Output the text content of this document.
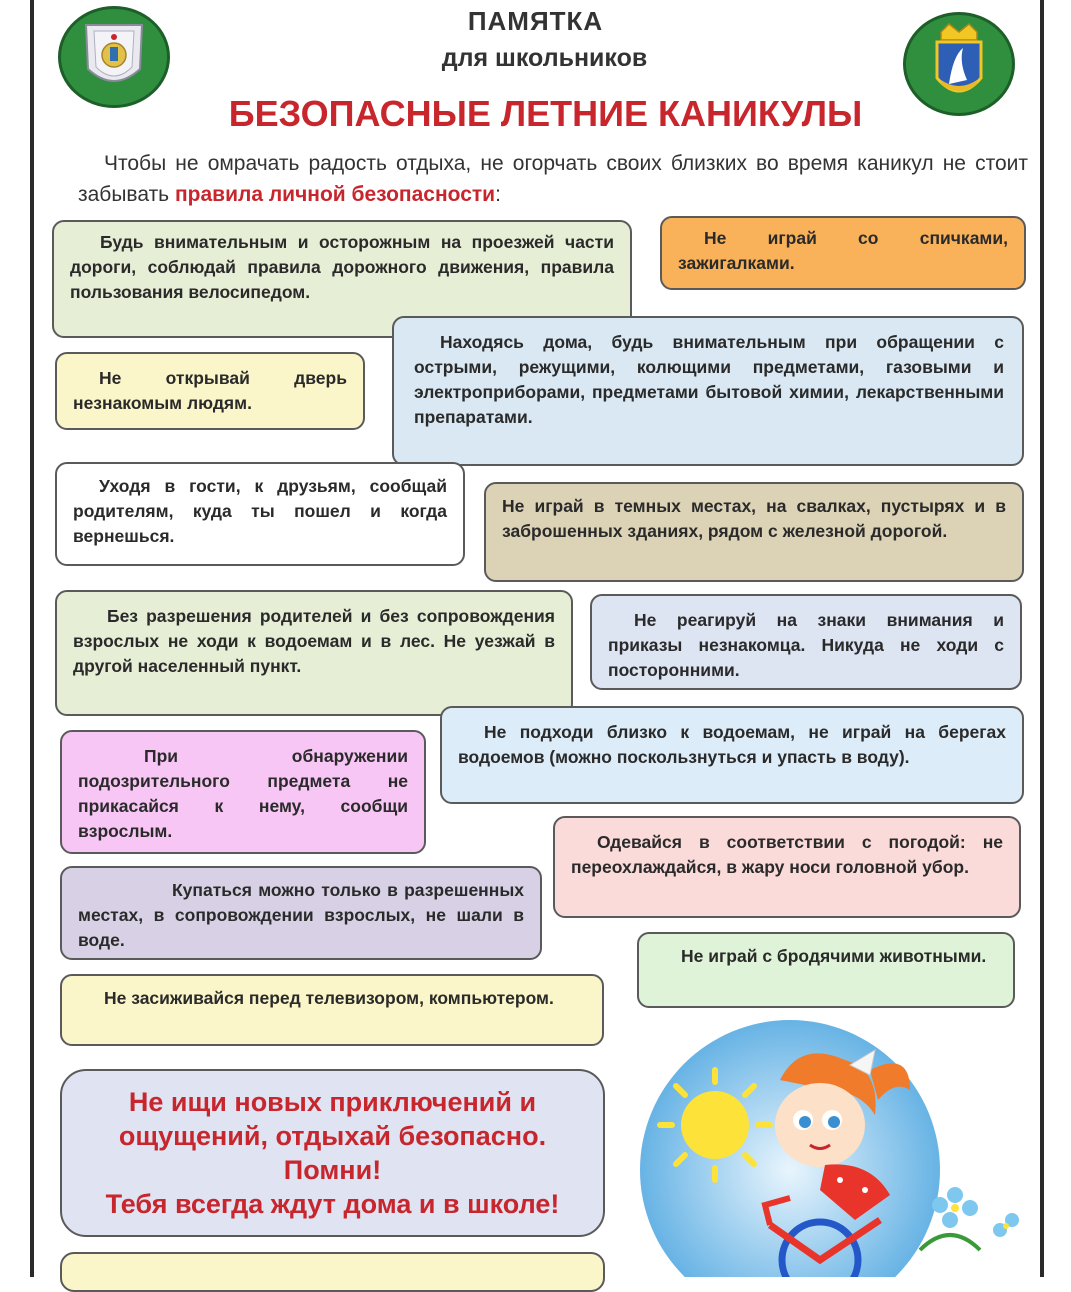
ПАМЯТКА
для школьников
БЕЗОПАСНЫЕ ЛЕТНИЕ КАНИКУЛЫ
Чтобы не омрачать радость отдыха, не огорчать своих близких во время каникул не стоит забывать правила личной безопасности:
Будь внимательным и осторожным на проезжей части дороги, соблюдай правила дорожного движения, правила пользования велосипедом.
Не играй со спичками, зажигалками.
Не открывай дверь незнакомым людям.
Находясь дома, будь внимательным при обращении с острыми, режущими, колющими предметами, газовыми и электроприборами, предметами бытовой химии, лекарственными препаратами.
Уходя в гости, к друзьям, сообщай родителям, куда ты пошел и когда вернешься.
Не играй в темных местах, на свалках, пустырях и в заброшенных зданиях, рядом с железной дорогой.
Без разрешения родителей и без сопровождения взрослых не ходи к водоемам и в лес. Не уезжай в другой населенный пункт.
Не реагируй на знаки внимания и приказы незнакомца. Никуда не ходи с посторонними.
Не подходи близко к водоемам, не играй на берегах водоемов (можно поскользнуться и упасть в воду).
При обнаружении подозрительного предмета не прикасайся к нему, сообщи взрослым.
Одевайся в соответствии с погодой: не переохлаждайся, в жару носи головной убор.
Купаться можно только в разрешенных местах, в сопровождении взрослых, не шали в воде.
Не играй с бродячими животными.
Не засиживайся перед телевизором, компьютером.
Не ищи новых приключений и
ощущений, отдыхай безопасно.
Помни!
Тебя всегда ждут дома и в школе!
